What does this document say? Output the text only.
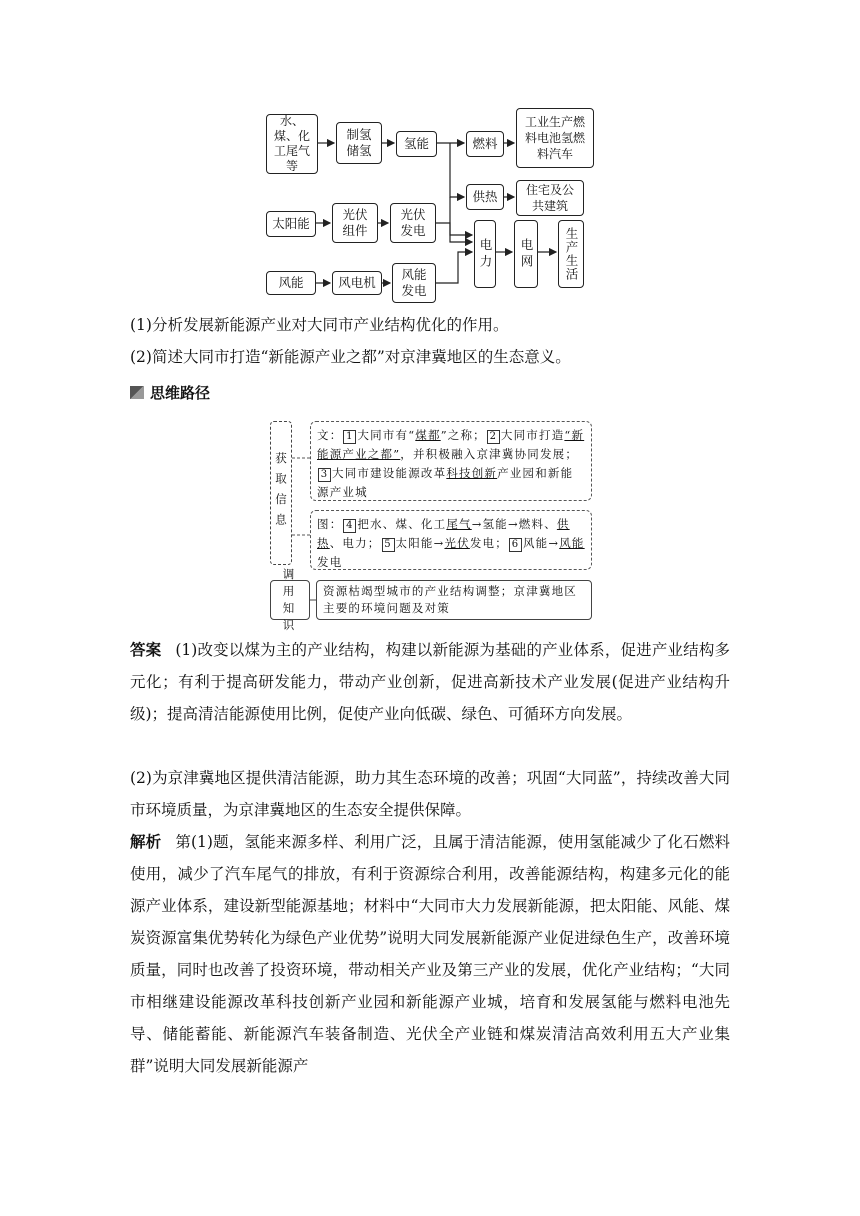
水、煤、化工尾气等
制氢储氢	氢能	燃料
工业生产燃料电池氢燃料汽车
供热	住宅及公共建筑
太阳能
光伏组件
光伏发电
电力	电网	生产生活
风能	风电机
风能发电
(1)分析发展新能源产业对大同市产业结构优化的作用。
(2)简述大同市打造“新能源产业之都”对京津冀地区的生态意义。
思维路径
获取信息
文： 1 大同市有“煤都”之称； 2 大同市打造“新能源产业之都”，并积极融入京津冀协同发展；3 大同市建设能源改革科技创新产业园和新能源产业城
图： 4 把水、煤、化工尾气→氢能→燃料、供热、电力； 5 太阳能→光伏发电； 6 风能→风能发电
调用知识
资源枯竭型城市的产业结构调整；京津冀地区主要的环境问题及对策
答案 (1)改变以煤为主的产业结构，构建以新能源为基础的产业体系，促进产业结构多元化；有利于提高研发能力，带动产业创新，促进高新技术产业发展(促进产业结构升级)；提高清洁能源使用比例，促使产业向低碳、绿色、可循环方向发展。
(2)为京津冀地区提供清洁能源，助力其生态环境的改善；巩固“大同蓝”，持续改善大同市环境质量，为京津冀地区的生态安全提供保障。
解析 第(1)题，氢能来源多样、利用广泛，且属于清洁能源，使用氢能减少了化石燃料使用，减少了汽车尾气的排放，有利于资源综合利用，改善能源结构，构建多元化的能源产业体系，建设新型能源基地；材料中“大同市大力发展新能源，把太阳能、风能、煤炭资源富集优势转化为绿色产业优势”说明大同发展新能源产业促进绿色生产，改善环境质量，同时也改善了投资环境，带动相关产业及第三产业的发展，优化产业结构；“大同市相继建设能源改革科技创新产业园和新能源产业城，培育和发展氢能与燃料电池先导、储能蓄能、新能源汽车装备制造、光伏全产业链和煤炭清洁高效利用五大产业集群”说明大同发展新能源产
